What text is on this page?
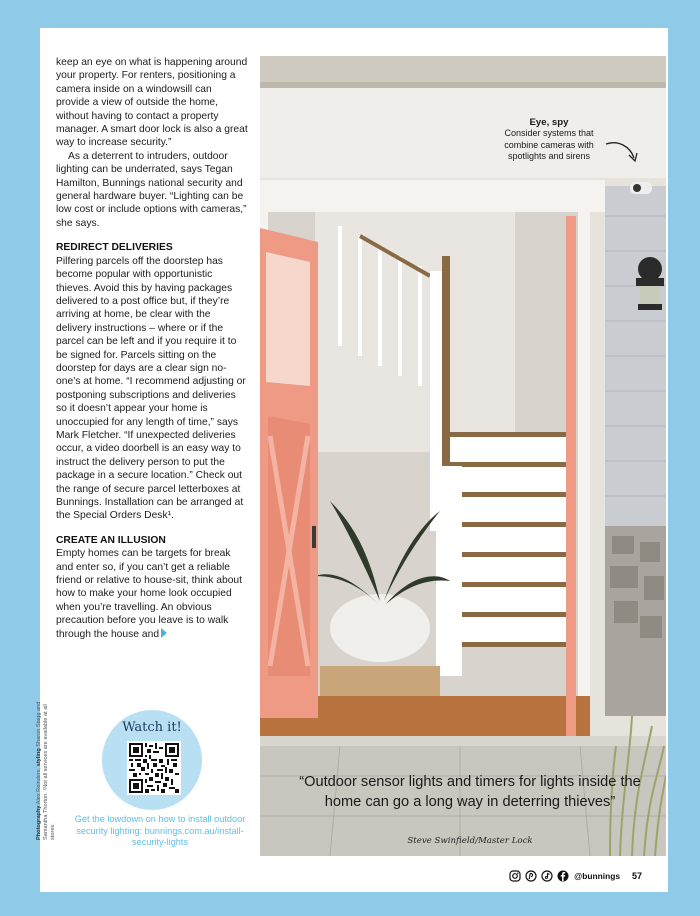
keep an eye on what is happening around your property. For renters, positioning a camera inside on a windowsill can provide a view of outside the home, without having to contact a property manager. A smart door lock is also a great way to increase security.”

As a deterrent to intruders, outdoor lighting can be underrated, says Tegan Hamilton, Bunnings national security and general hardware buyer. “Lighting can be low cost or include options with cameras,” she says.

REDIRECT DELIVERIES

Pilfering parcels off the doorstep has become popular with opportunistic thieves. Avoid this by having packages delivered to a post office but, if they’re arriving at home, be clear with the delivery instructions – where or if the parcel can be left and if you require it to be signed for. Parcels sitting on the doorstep for days are a clear sign no-one’s at home. “I recommend adjusting or postponing subscriptions and deliveries so it doesn’t appear your home is unoccupied for any length of time,” says Mark Fletcher. “If unexpected deliveries occur, a video doorbell is an easy way to instruct the delivery person to put the package in a secure location.” Check out the range of secure parcel letterboxes at Bunnings. Installation can be arranged at the Special Orders Desk¹.

CREATE AN ILLUSION

Empty homes can be targets for break and enter so, if you can’t get a reliable friend or relative to house-sit, think about how to make your home look occupied when you’re travelling. An obvious precaution before you leave is to walk through the house and

Photography Alex Reinders, styling Sharon Stagg and Samantha Thorton. ¹Not all services are available at all stores.
Watch it!
Get the lowdown on how to install outdoor security lighting: bunnings.com.au/install-security-lights
Eye, spy
Consider systems that combine cameras with spotlights and sirens
“Outdoor sensor lights and timers for lights inside the home can go a long way in deterring thieves”
Steve Swinfield/Master Lock
@bunnings 57
